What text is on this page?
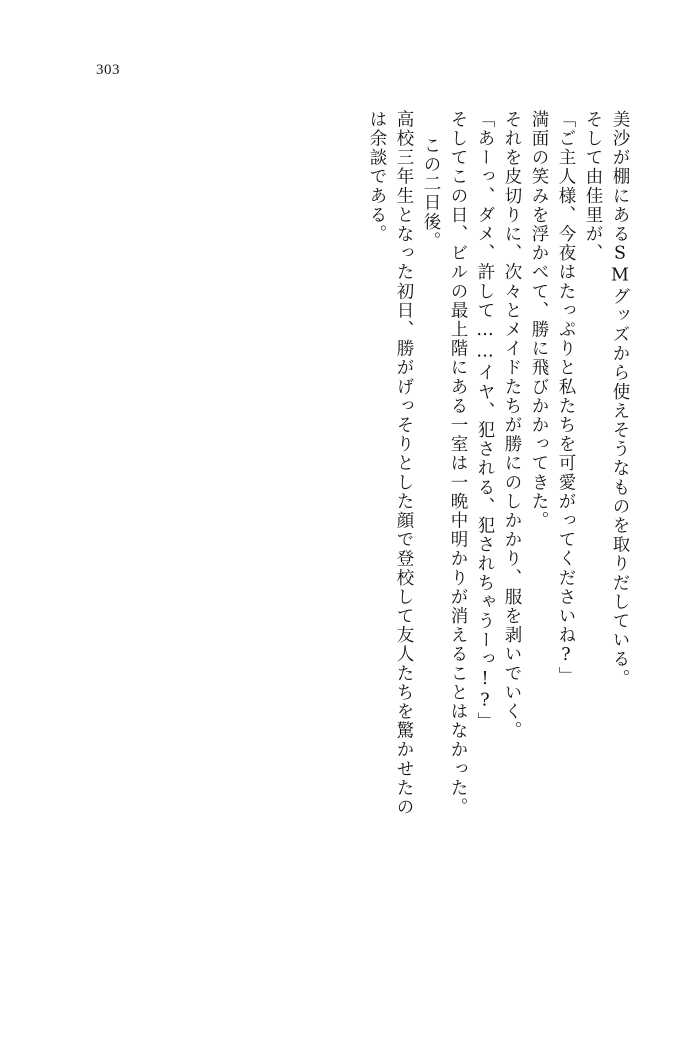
303
美沙が棚にあるSMグッズから使えそうなものを取りだしている。
そして由佳里が、
「ご主人様、今夜はたっぷりと私たちを可愛がってくださいね?」
満面の笑みを浮かべて、勝に飛びかかってきた。
それを皮切りに、次々とメイドたちが勝にのしかかり、服を剥いでいく。
「あーっ、ダメ、許して……イヤ、犯される、犯されちゃうーっ!?」
そしてこの日、ビルの最上階にある一室は一晩中明かりが消えることはなかった。
この二日後。
高校三年生となった初日、勝がげっそりとした顔で登校して友人たちを驚かせたの
は余談である。
